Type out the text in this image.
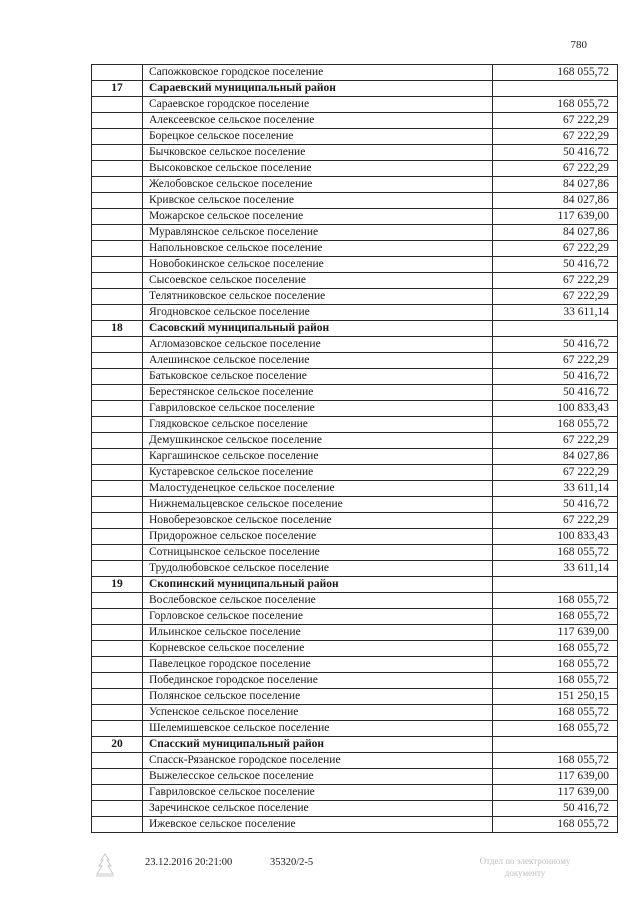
780
	Сапожковское городское поселение	168 055,72
17	Сараевский муниципальный район	
	Сараевское городское поселение	168 055,72
	Алексеевское сельское поселение	67 222,29
	Борецкое сельское поселение	67 222,29
	Бычковское сельское поселение	50 416,72
	Высоковское сельское поселение	67 222,29
	Желобовское сельское поселение	84 027,86
	Кривское сельское поселение	84 027,86
	Можарское сельское поселение	117 639,00
	Муравлянское сельское поселение	84 027,86
	Напольновское сельское поселение	67 222,29
	Новобокинское сельское поселение	50 416,72
	Сысоевское сельское поселение	67 222,29
	Телятниковское сельское поселение	67 222,29
	Ягодновское сельское поселение	33 611,14
18	Сасовский муниципальный район	
	Агломазовское сельское поселение	50 416,72
	Алешинское сельское поселение	67 222,29
	Батьковское сельское поселение	50 416,72
	Берестянское сельское поселение	50 416,72
	Гавриловское сельское поселение	100 833,43
	Глядковское сельское поселение	168 055,72
	Демушкинское сельское поселение	67 222,29
	Каргашинское сельское поселение	84 027,86
	Кустаревское сельское поселение	67 222,29
	Малостуденецкое сельское поселение	33 611,14
	Нижнемальцевское сельское поселение	50 416,72
	Новоберезовское сельское поселение	67 222,29
	Придорожное сельское поселение	100 833,43
	Сотницынское сельское поселение	168 055,72
	Трудолюбовское сельское поселение	33 611,14
19	Скопинский муниципальный район	
	Вослебовское сельское поселение	168 055,72
	Горловское сельское поселение	168 055,72
	Ильинское сельское поселение	117 639,00
	Корневское сельское поселение	168 055,72
	Павелецкое городское поселение	168 055,72
	Побединское городское поселение	168 055,72
	Полянское сельское поселение	151 250,15
	Успенское сельское поселение	168 055,72
	Шелемишевское сельское поселение	168 055,72
20	Спасский муниципальный район	
	Спасск-Рязанское городское поселение	168 055,72
	Выжелесское сельское поселение	117 639,00
	Гавриловское сельское поселение	117 639,00
	Заречинское сельское поселение	50 416,72
	Ижевское сельское поселение	168 055,72
23.12.2016 20:21:00	35320/2-5	Отдел по электронному
документу
